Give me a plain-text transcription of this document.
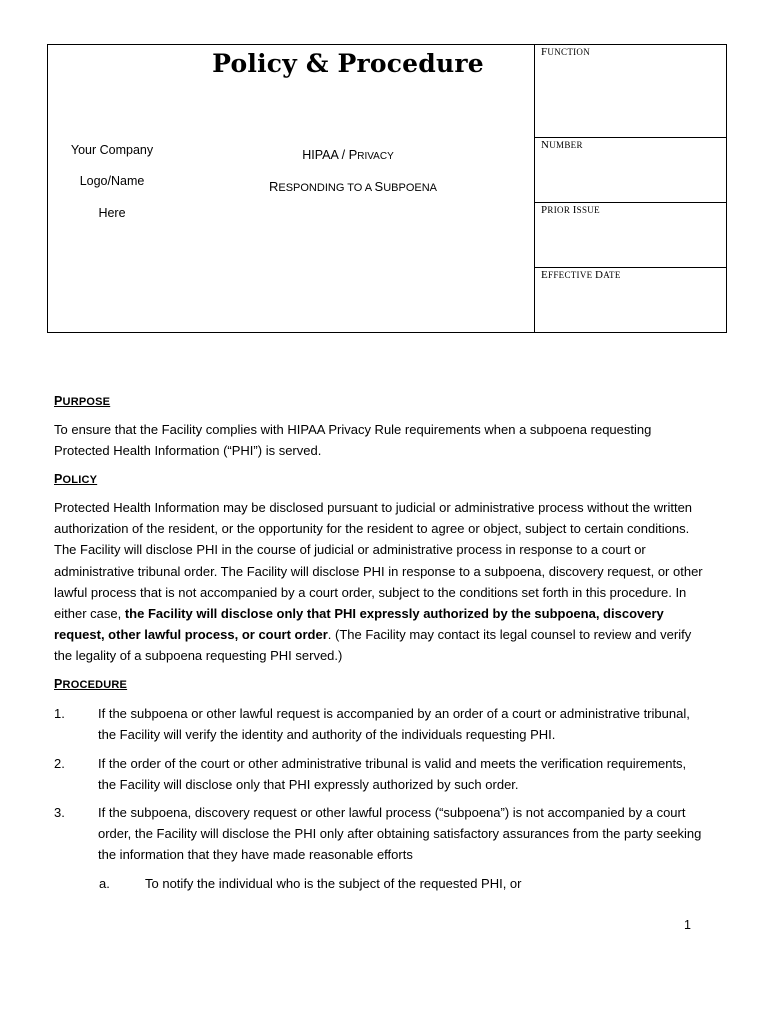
Policy & Procedure
Your Company
Logo/Name
Here
HIPAA / PRIVACY
RESPONDING TO A SUBPOENA
FUNCTION
NUMBER
PRIOR ISSUE
EFFECTIVE DATE
PURPOSE
To ensure that the Facility complies with HIPAA Privacy Rule requirements when a subpoena requesting Protected Health Information (“PHI”) is served.
POLICY
Protected Health Information may be disclosed pursuant to judicial or administrative process without the written authorization of the resident, or the opportunity for the resident to agree or object, subject to certain conditions. The Facility will disclose PHI in the course of judicial or administrative process in response to a court or administrative tribunal order. The Facility will disclose PHI in response to a subpoena, discovery request, or other lawful process that is not accompanied by a court order, subject to the conditions set forth in this procedure. In either case, the Facility will disclose only that PHI expressly authorized by the subpoena, discovery request, other lawful process, or court order. (The Facility may contact its legal counsel to review and verify the legality of a subpoena requesting PHI served.)
PROCEDURE
1.	If the subpoena or other lawful request is accompanied by an order of a court or administrative tribunal, the Facility will verify the identity and authority of the individuals requesting PHI.
2.	If the order of the court or other administrative tribunal is valid and meets the verification requirements, the Facility will disclose only that PHI expressly authorized by such order.
3.	If the subpoena, discovery request or other lawful process (“subpoena”) is not accompanied by a court order, the Facility will disclose the PHI only after obtaining satisfactory assurances from the party seeking the information that they have made reasonable efforts
a.	To notify the individual who is the subject of the requested PHI, or
1
